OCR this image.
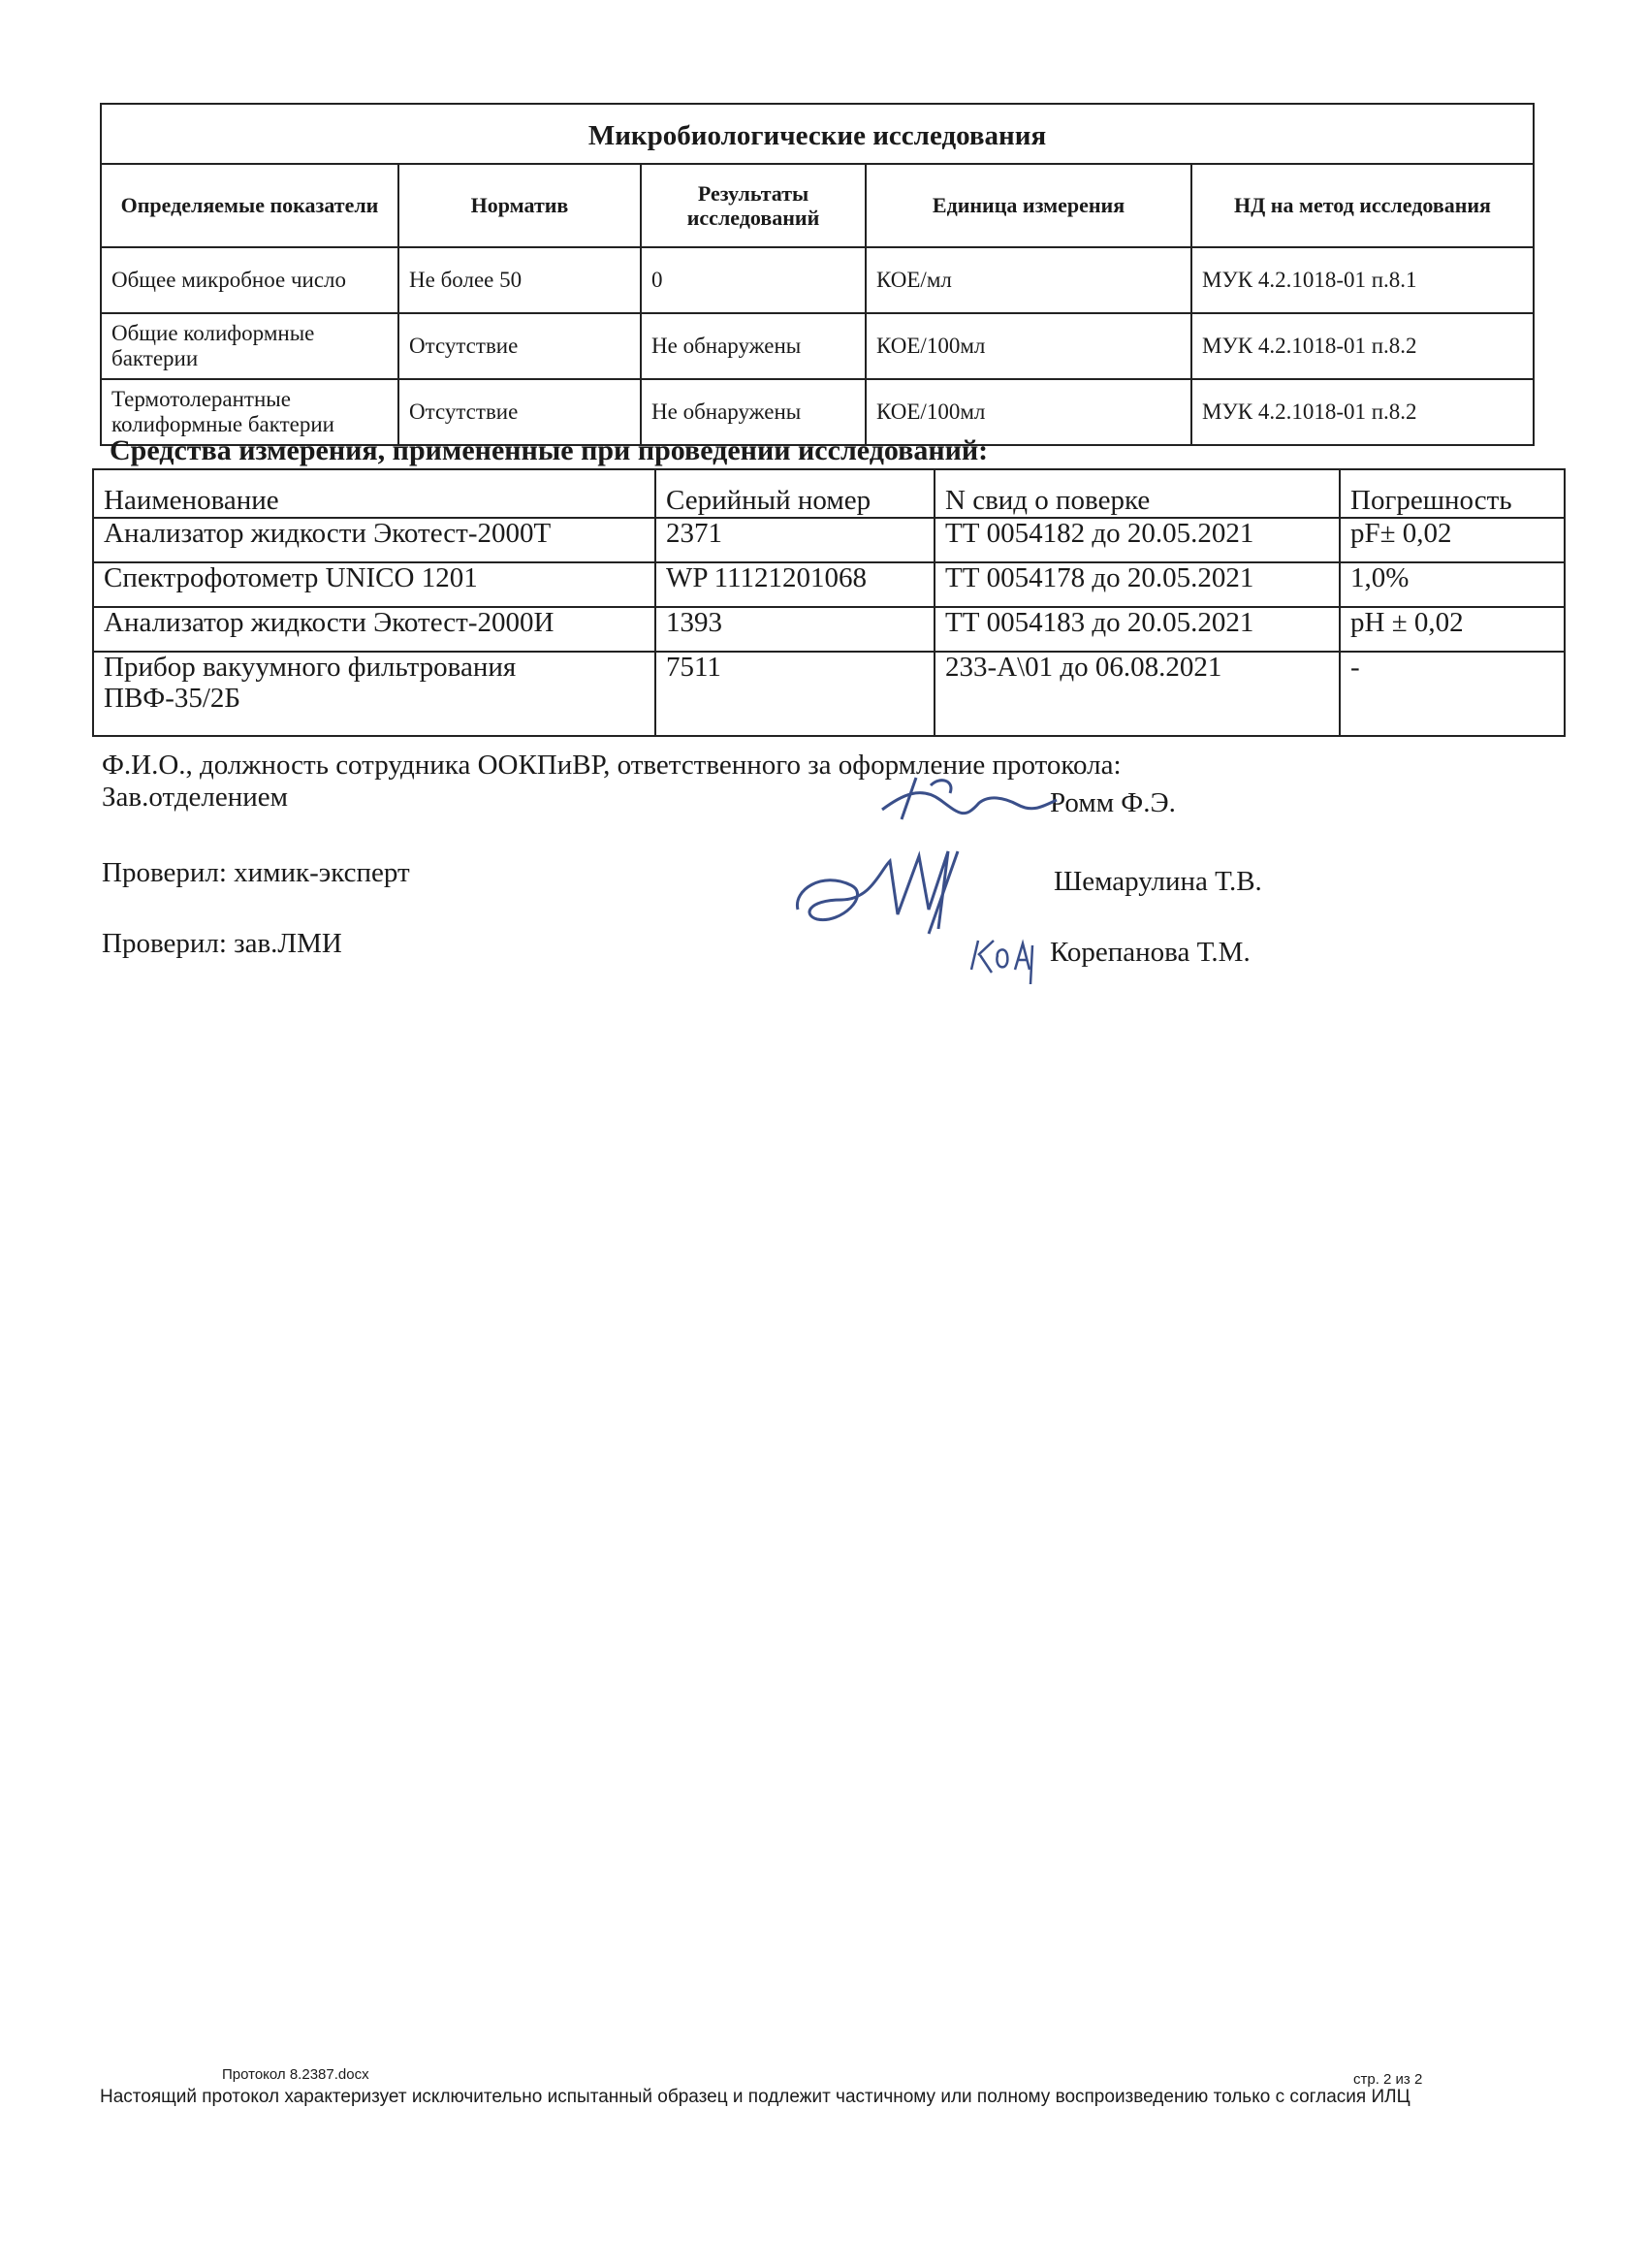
Микробиологические исследования				
Определяемые показатели	Норматив	Результаты исследований	Единица измерения	НД на метод исследования
Общее микробное число	Не более 50	0	КОЕ/мл	МУК 4.2.1018-01 п.8.1
Общие колиформные бактерии	Отсутствие	Не обнаружены	КОЕ/100мл	МУК 4.2.1018-01 п.8.2
Термотолерантные колиформные бактерии	Отсутствие	Не обнаружены	КОЕ/100мл	МУК 4.2.1018-01 п.8.2

Средства измерения, примененные при проведении исследований:

Наименование	Серийный номер	N свид о поверке	Погрешность
Анализатор жидкости Экотест-2000Т	2371	ТТ 0054182 до 20.05.2021	pF± 0,02
Спектрофотометр UNICO 1201	WP 11121201068	ТТ 0054178 до 20.05.2021	1,0%
Анализатор жидкости Экотест-2000И	1393	ТТ 0054183 до 20.05.2021	pH ± 0,02
Прибор вакуумного фильтрования ПВФ-35/2Б	7511	233-А\01 до 06.08.2021	-

Ф.И.О., должность сотрудника ООКПиВР, ответственного за оформление протокола:

Зав.отделением	Ромм Ф.Э.

Проверил: химик-эксперт	Шемарулина Т.В.

Проверил: зав.ЛМИ	Корепанова Т.М.

Протокол 8.2387.docx	стр. 2 из 2

Настоящий протокол характеризует исключительно испытанный образец и подлежит частичному или полному воспроизведению только с согласия ИЛЦ
